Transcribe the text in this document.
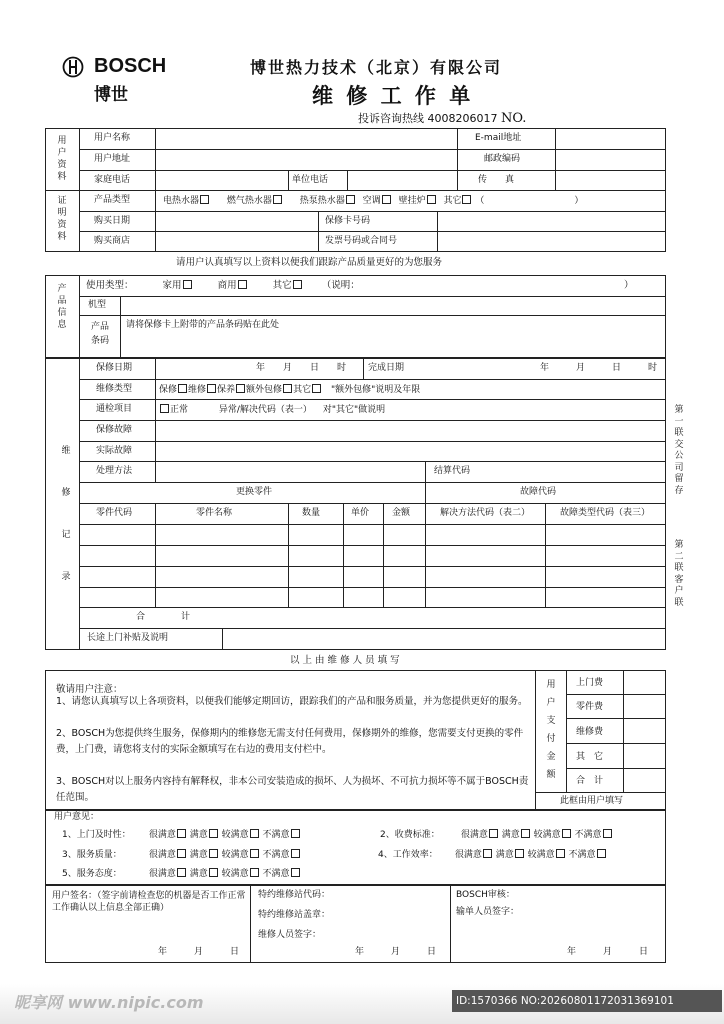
BOSCH
博世
博世热力技术（北京）有限公司
维 修 工 作 单
投诉咨询热线 4008206017 NO.
用户资料
用户名称	E-mail地址
用户地址	邮政编码
家庭电话	单位电话	传　　真
证明资料
产品类型	电热水器	燃气热水器	热泵热水器 空调 壁挂炉 其它 （　　　　　　　　　　）
购买日期	保修卡号码
购买商店	发票号码或合同号
请用户认真填写以上资料以便我们跟踪产品质量更好的为您服务
产品信息
使用类型：	家用	商用	其它	（说明：	）
机型
产品条码
请将保修卡上附带的产品条码贴在此处
维修记录
保修日期	年　　月　　日　　时 完成日期	年　　　月　　　日　　　时
维修类型	保修 维修 保养 额外包修 其它 "额外包修"说明及年限
通检项目	正常	异常/解决代码（表一） 对"其它"做说明
保修故障
实际故障
处理方法	结算代码
更换零件	故障代码
零件代码	零件名称	数量	单价	金额	解决方法代码（表二）	故障类型代码（表三）
合　　　　计
长途上门补贴及说明
以 上 由 维 修 人 员 填 写
敬请用户注意：
1、请您认真填写以上各项资料，以便我们能够定期回访，跟踪我们的产品和服务质量，并为您提供更好的服务。
2、BOSCH为您提供终生服务，保修期内的维修您无需支付任何费用，保修期外的维修，您需要支付更换的零件费，上门费，请您将支付的实际金额填写在右边的费用支付栏中。
3、BOSCH对以上服务内容持有解释权，非本公司安装造成的损坏、人为损坏、不可抗力损坏等不属于BOSCH责任范围。
用户支付金额
上门费
零件费
维修费
其　它
合　计
此框由用户填写
用户意见：
1、上门及时性： 很满意 满意 较满意 不满意	2、收费标准： 很满意 满意 较满意 不满意
3、服务质量：	很满意 满意 较满意 不满意	4、工作效率： 很满意 满意 较满意 不满意
5、服务态度：	很满意 满意 较满意 不满意
用户签名：（签字前请检查您的机器是否工作正常工作确认以上信息全部正确）
年　　　月　　　日
特约维修站代码：
特约维修站盖章：
维修人员签字：
年　　　月　　　日
BOSCH审核：
输单人员签字：
年　　　月　　　日
第一联　交公司留存
第二联　客户联
昵享网 www.nipic.com	ID:1570366 NO:20260801172031369101
